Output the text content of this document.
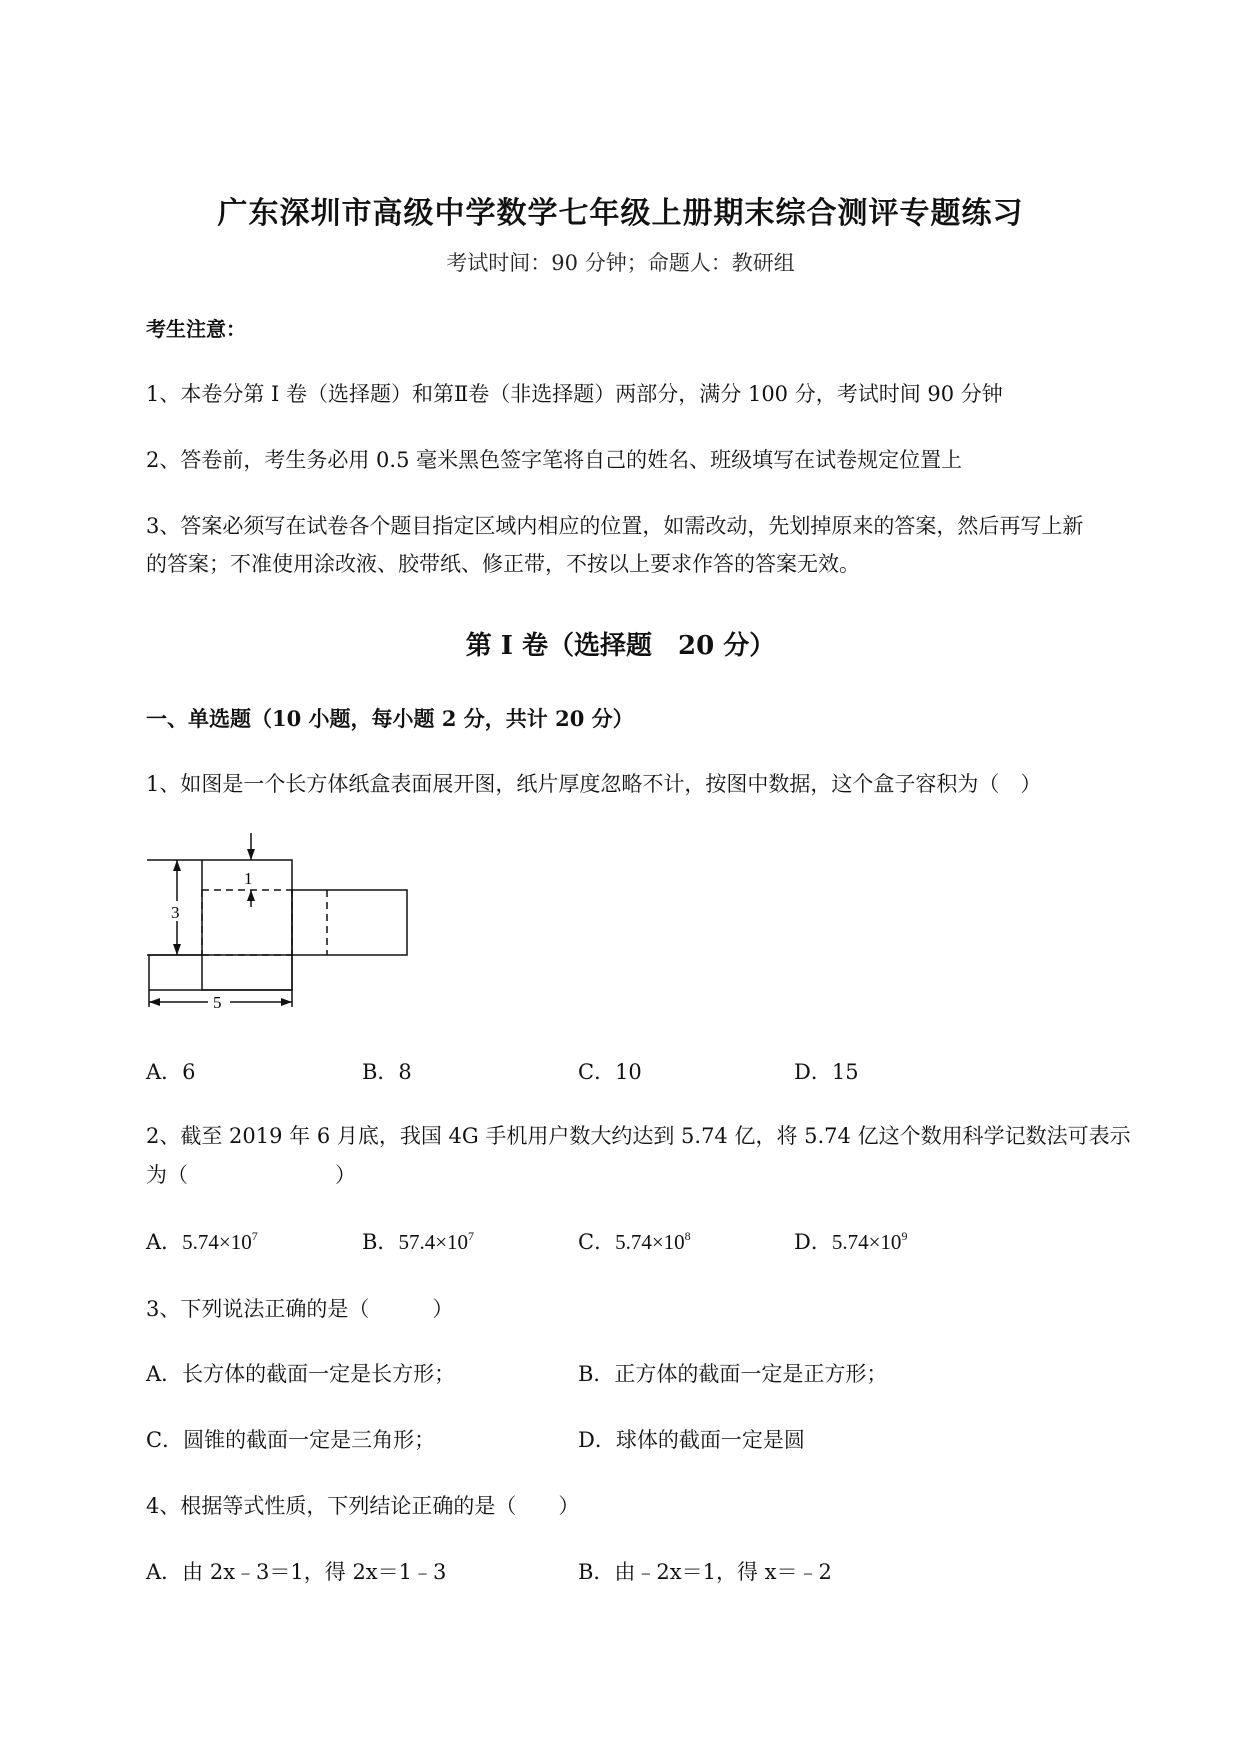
广东深圳市高级中学数学七年级上册期末综合测评专题练习
考试时间：90 分钟；命题人：教研组
考生注意：
1、本卷分第 I 卷（选择题）和第Ⅱ卷（非选择题）两部分，满分 100 分，考试时间 90 分钟
2、答卷前，考生务必用 0.5 毫米黑色签字笔将自己的姓名、班级填写在试卷规定位置上
3、答案必须写在试卷各个题目指定区域内相应的位置，如需改动，先划掉原来的答案，然后再写上新
的答案；不准使用涂改液、胶带纸、修正带，不按以上要求作答的答案无效。
第 I 卷（选择题　20 分）
一、单选题（10 小题，每小题 2 分，共计 20 分）
1、如图是一个长方体纸盒表面展开图，纸片厚度忽略不计，按图中数据，这个盒子容积为（　）
3
1
5
A．6	B．8	C．10	D．15
2、截至 2019 年 6 月底，我国 4G 手机用户数大约达到 5.74 亿，将 5.74 亿这个数用科学记数法可表示
为（　　　　　　　）
A．$5.74\times 10^7$	B．$57.4\times 10^7$	C．$5.74\times 10^8$	D．$5.74\times 10^9$
3、下列说法正确的是（　　　）
A．长方体的截面一定是长方形；	B．正方体的截面一定是正方形；
C．圆锥的截面一定是三角形；	D．球体的截面一定是圆
4、根据等式性质，下列结论正确的是（　　）
A．由 2x﹣3＝1，得 2x＝1﹣3	B．由﹣2x＝1，得 x＝﹣2
